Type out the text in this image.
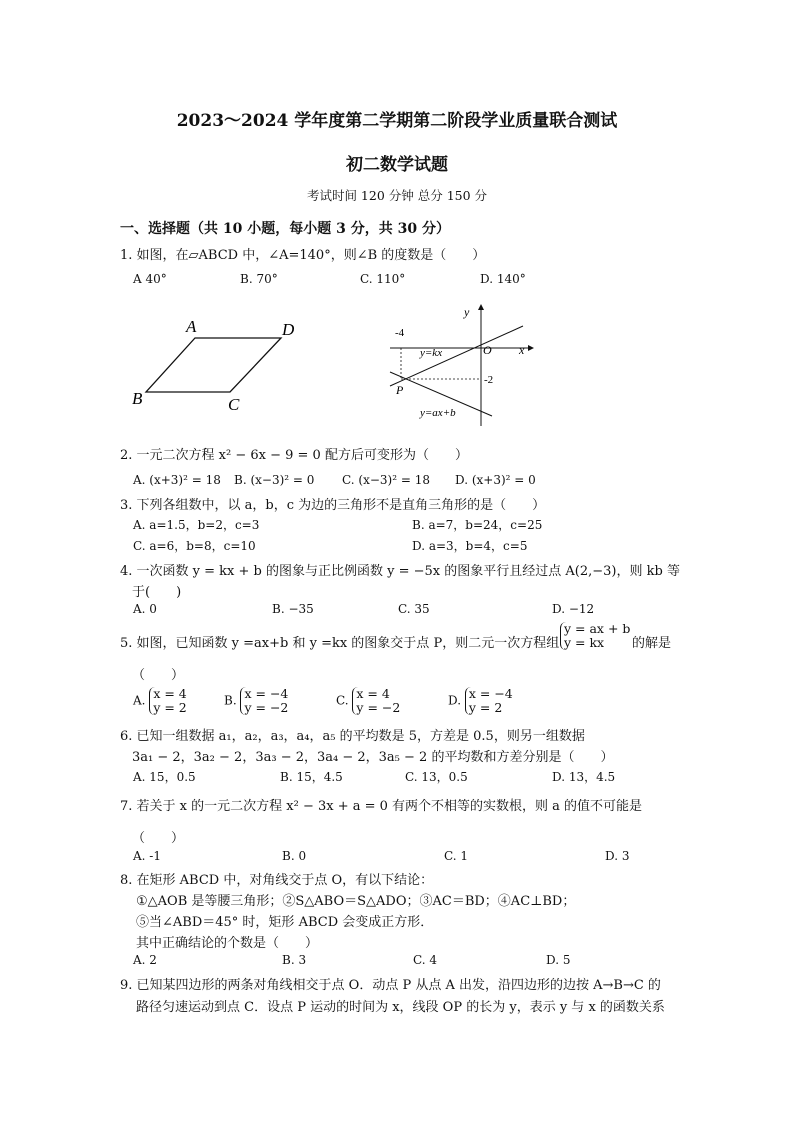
2023～2024 学年度第二学期第二阶段学业质量联合测试
初二数学试题
考试时间 120 分钟 总分 150 分
一、选择题（共 10 小题，每小题 3 分，共 30 分）
1. 如图，在▱ABCD 中，∠A=140°，则∠B 的度数是（　　）
A 40°	B. 70°	C. 110°	D. 140°
A	D
B	C
y
x
O
-4
-2
P
y=kx
y=ax+b
2. 一元二次方程 x² − 6x − 9 = 0 配方后可变形为（　　）
A. (x+3)² = 18 B. (x−3)² = 0 C. (x−3)² = 18 D. (x+3)² = 0
3. 下列各组数中，以 a，b，c 为边的三角形不是直角三角形的是（　　）
A. a=1.5，b=2，c=3	B. a=7，b=24，c=25
C. a=6，b=8，c=10	D. a=3，b=4，c=5
4. 一次函数 y = kx + b 的图象与正比例函数 y = −5x 的图象平行且经过点 A(2,−3)，则 kb 等
于(　　)
A. 0	B. −35	C. 35	D. −12
5. 如图，已知函数 y =ax+b 和 y =kx 的图象交于点 P，则二元一次方程组
y = ax + b
y = kx	的解是
（　　）
A. x = 4
y = 2	B. x = −4
y = −2	C. x = 4
y = −2	D. x = −4
y = 2
6. 已知一组数据 a₁，a₂，a₃，a₄，a₅ 的平均数是 5，方差是 0.5，则另一组数据
3a₁ − 2，3a₂ − 2，3a₃ − 2，3a₄ − 2，3a₅ − 2 的平均数和方差分别是（　　）
A. 15，0.5	B. 15，4.5	C. 13，0.5	D. 13，4.5
7. 若关于 x 的一元二次方程 x² − 3x + a = 0 有两个不相等的实数根，则 a 的值不可能是
（　　）
A. -1	B. 0	C. 1	D. 3
8. 在矩形 ABCD 中，对角线交于点 O，有以下结论：
①△AOB 是等腰三角形；②S△ABO＝S△ADO；③AC＝BD；④AC⊥BD；
⑤当∠ABD＝45° 时，矩形 ABCD 会变成正方形．
其中正确结论的个数是（　　）
A. 2	B. 3	C. 4	D. 5
9. 已知某四边形的两条对角线相交于点 O．动点 P 从点 A 出发，沿四边形的边按 A→B→C 的
路径匀速运动到点 C．设点 P 运动的时间为 x，线段 OP 的长为 y，表示 y 与 x 的函数关系
